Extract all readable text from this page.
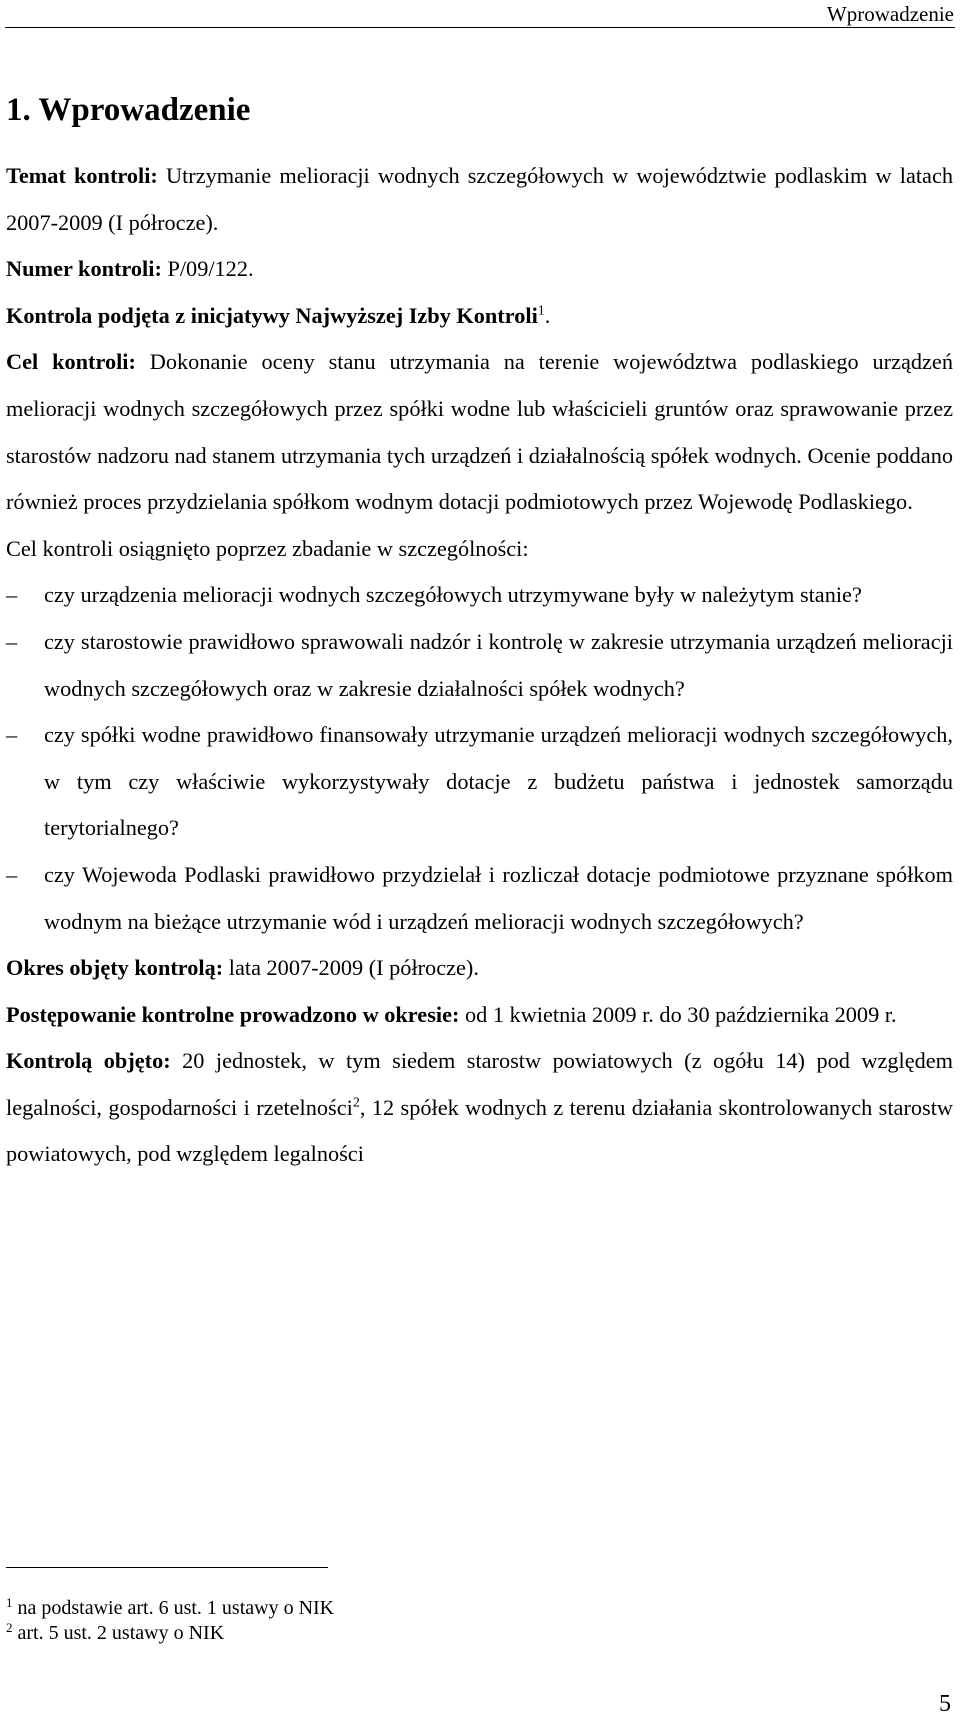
Wprowadzenie
1. Wprowadzenie

Temat kontroli: Utrzymanie melioracji wodnych szczegółowych w województwie podlaskim w latach 2007-2009 (I półrocze).

Numer kontroli: P/09/122.

Kontrola podjęta z inicjatywy Najwyższej Izby Kontroli$^1$.

Cel kontroli: Dokonanie oceny stanu utrzymania na terenie województwa podlaskiego urządzeń melioracji wodnych szczegółowych przez spółki wodne lub właścicieli gruntów oraz sprawowanie przez starostów nadzoru nad stanem utrzymania tych urządzeń i działalnością spółek wodnych. Ocenie poddano również proces przydzielania spółkom wodnym dotacji podmiotowych przez Wojewodę Podlaskiego.

Cel kontroli osiągnięto poprzez zbadanie w szczególności:

– czy urządzenia melioracji wodnych szczegółowych utrzymywane były w należytym stanie?
– czy starostowie prawidłowo sprawowali nadzór i kontrolę w zakresie utrzymania urządzeń melioracji wodnych szczegółowych oraz w zakresie działalności spółek wodnych?
– czy spółki wodne prawidłowo finansowały utrzymanie urządzeń melioracji wodnych szczegółowych, w tym czy właściwie wykorzystywały dotacje z budżetu państwa i jednostek samorządu terytorialnego?
– czy Wojewoda Podlaski prawidłowo przydzielał i rozliczał dotacje podmiotowe przyznane spółkom wodnym na bieżące utrzymanie wód i urządzeń melioracji wodnych szczegółowych?

Okres objęty kontrolą: lata 2007-2009 (I półrocze).

Postępowanie kontrolne prowadzono w okresie: od 1 kwietnia 2009 r. do 30 października 2009 r.

Kontrolą objęto: 20 jednostek, w tym siedem starostw powiatowych (z ogółu 14) pod względem legalności, gospodarności i rzetelności$^2$, 12 spółek wodnych z terenu działania skontrolowanych starostw powiatowych, pod względem legalności

$^1$ na podstawie art. 6 ust. 1 ustawy o NIK
$^2$ art. 5 ust. 2 ustawy o NIK
5
